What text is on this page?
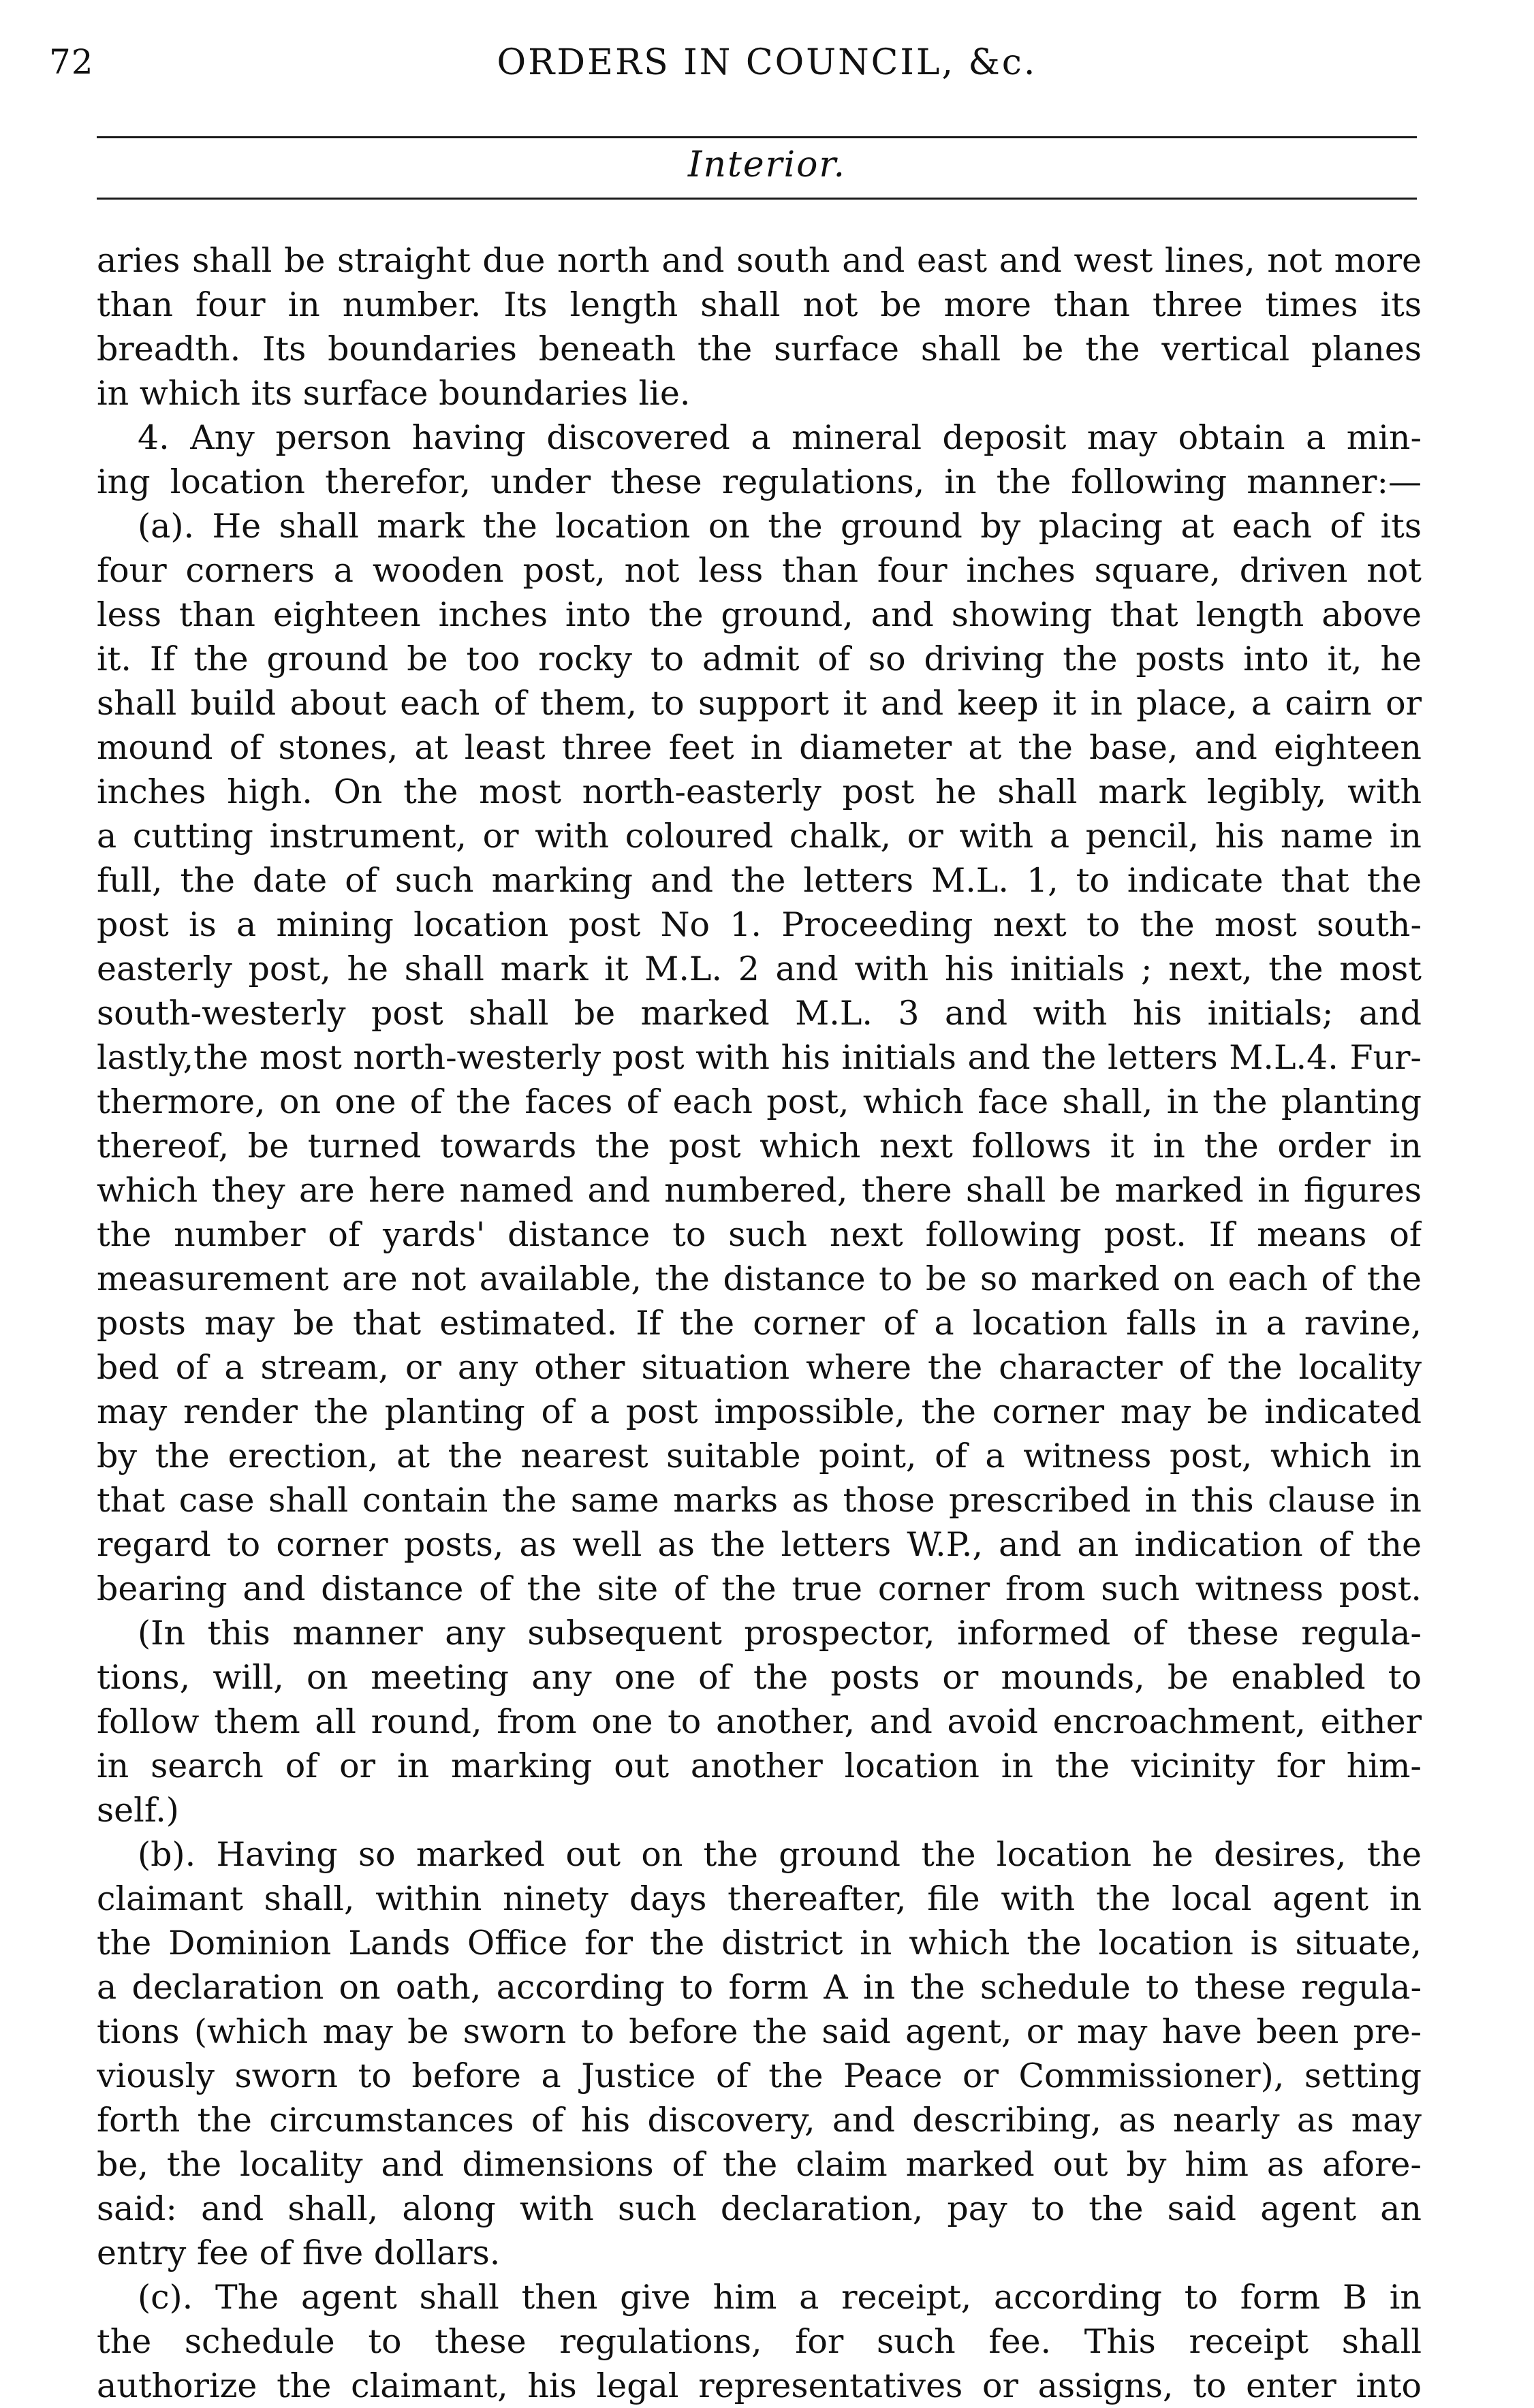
72	ORDERS IN COUNCIL, &c.
Interior.
aries shall be straight due north and south and east and west lines, not more
than four in number. Its length shall not be more than three times its
breadth. Its boundaries beneath the surface shall be the vertical planes
in which its surface boundaries lie.
4. Any person having discovered a mineral deposit may obtain a min-
ing location therefor, under these regulations, in the following manner:—
(a). He shall mark the location on the ground by placing at each of its
four corners a wooden post, not less than four inches square, driven not
less than eighteen inches into the ground, and showing that length above
it. If the ground be too rocky to admit of so driving the posts into it, he
shall build about each of them, to support it and keep it in place, a cairn or
mound of stones, at least three feet in diameter at the base, and eighteen
inches high. On the most north-easterly post he shall mark legibly, with
a cutting instrument, or with coloured chalk, or with a pencil, his name in
full, the date of such marking and the letters M.L. 1, to indicate that the
post is a mining location post No 1. Proceeding next to the most south-
easterly post, he shall mark it M.L. 2 and with his initials ; next, the most
south-westerly post shall be marked M.L. 3 and with his initials; and
lastly,the most north-westerly post with his initials and the letters M.L.4. Fur-
thermore, on one of the faces of each post, which face shall, in the planting
thereof, be turned towards the post which next follows it in the order in
which they are here named and numbered, there shall be marked in figures
the number of yards' distance to such next following post. If means of
measurement are not available, the distance to be so marked on each of the
posts may be that estimated. If the corner of a location falls in a ravine,
bed of a stream, or any other situation where the character of the locality
may render the planting of a post impossible, the corner may be indicated
by the erection, at the nearest suitable point, of a witness post, which in
that case shall contain the same marks as those prescribed in this clause in
regard to corner posts, as well as the letters W.P., and an indication of the
bearing and distance of the site of the true corner from such witness post.
(In this manner any subsequent prospector, informed of these regula-
tions, will, on meeting any one of the posts or mounds, be enabled to
follow them all round, from one to another, and avoid encroachment, either
in search of or in marking out another location in the vicinity for him-
self.)
(b). Having so marked out on the ground the location he desires, the
claimant shall, within ninety days thereafter, file with the local agent in
the Dominion Lands Office for the district in which the location is situate,
a declaration on oath, according to form A in the schedule to these regula-
tions (which may be sworn to before the said agent, or may have been pre-
viously sworn to before a Justice of the Peace or Commissioner), setting
forth the circumstances of his discovery, and describing, as nearly as may
be, the locality and dimensions of the claim marked out by him as afore-
said: and shall, along with such declaration, pay to the said agent an
entry fee of five dollars.
(c). The agent shall then give him a receipt, according to form B in
the schedule to these regulations, for such fee. This receipt shall
authorize the claimant, his legal representatives or assigns, to enter into
